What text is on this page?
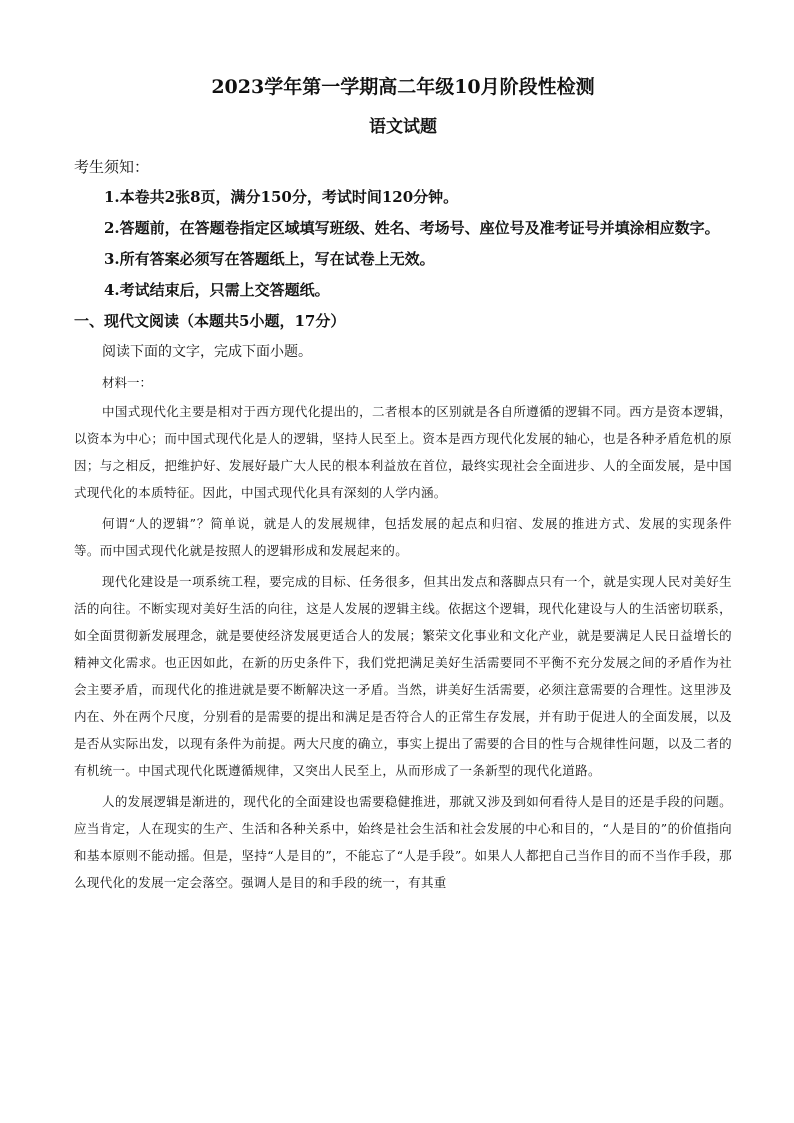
2023学年第一学期高二年级10月阶段性检测
语文试题

考生须知：

1.本卷共2张8页，满分150分，考试时间120分钟。

2.答题前，在答题卷指定区域填写班级、姓名、考场号、座位号及准考证号并填涂相应数字。

3.所有答案必须写在答题纸上，写在试卷上无效。

4.考试结束后，只需上交答题纸。

一、现代文阅读（本题共5小题，17分）

阅读下面的文字，完成下面小题。

材料一：

中国式现代化主要是相对于西方现代化提出的，二者根本的区别就是各自所遵循的逻辑不同。西方是资本逻辑，以资本为中心；而中国式现代化是人的逻辑，坚持人民至上。资本是西方现代化发展的轴心，也是各种矛盾危机的原因；与之相反，把维护好、发展好最广大人民的根本利益放在首位，最终实现社会全面进步、人的全面发展，是中国式现代化的本质特征。因此，中国式现代化具有深刻的人学内涵。

何谓“人的逻辑”？简单说，就是人的发展规律，包括发展的起点和归宿、发展的推进方式、发展的实现条件等。而中国式现代化就是按照人的逻辑形成和发展起来的。

现代化建设是一项系统工程，要完成的目标、任务很多，但其出发点和落脚点只有一个，就是实现人民对美好生活的向往。不断实现对美好生活的向往，这是人发展的逻辑主线。依据这个逻辑，现代化建设与人的生活密切联系，如全面贯彻新发展理念，就是要使经济发展更适合人的发展；繁荣文化事业和文化产业，就是要满足人民日益增长的精神文化需求。也正因如此，在新的历史条件下，我们党把满足美好生活需要同不平衡不充分发展之间的矛盾作为社会主要矛盾，而现代化的推进就是要不断解决这一矛盾。当然，讲美好生活需要，必须注意需要的合理性。这里涉及内在、外在两个尺度，分别看的是需要的提出和满足是否符合人的正常生存发展，并有助于促进人的全面发展，以及是否从实际出发，以现有条件为前提。两大尺度的确立，事实上提出了需要的合目的性与合规律性问题，以及二者的有机统一。中国式现代化既遵循规律，又突出人民至上，从而形成了一条新型的现代化道路。

人的发展逻辑是渐进的，现代化的全面建设也需要稳健推进，那就又涉及到如何看待人是目的还是手段的问题。应当肯定，人在现实的生产、生活和各种关系中，始终是社会生活和社会发展的中心和目的，“人是目的”的价值指向和基本原则不能动摇。但是，坚持“人是目的”，不能忘了“人是手段”。如果人人都把自己当作目的而不当作手段，那么现代化的发展一定会落空。强调人是目的和手段的统一，有其重
